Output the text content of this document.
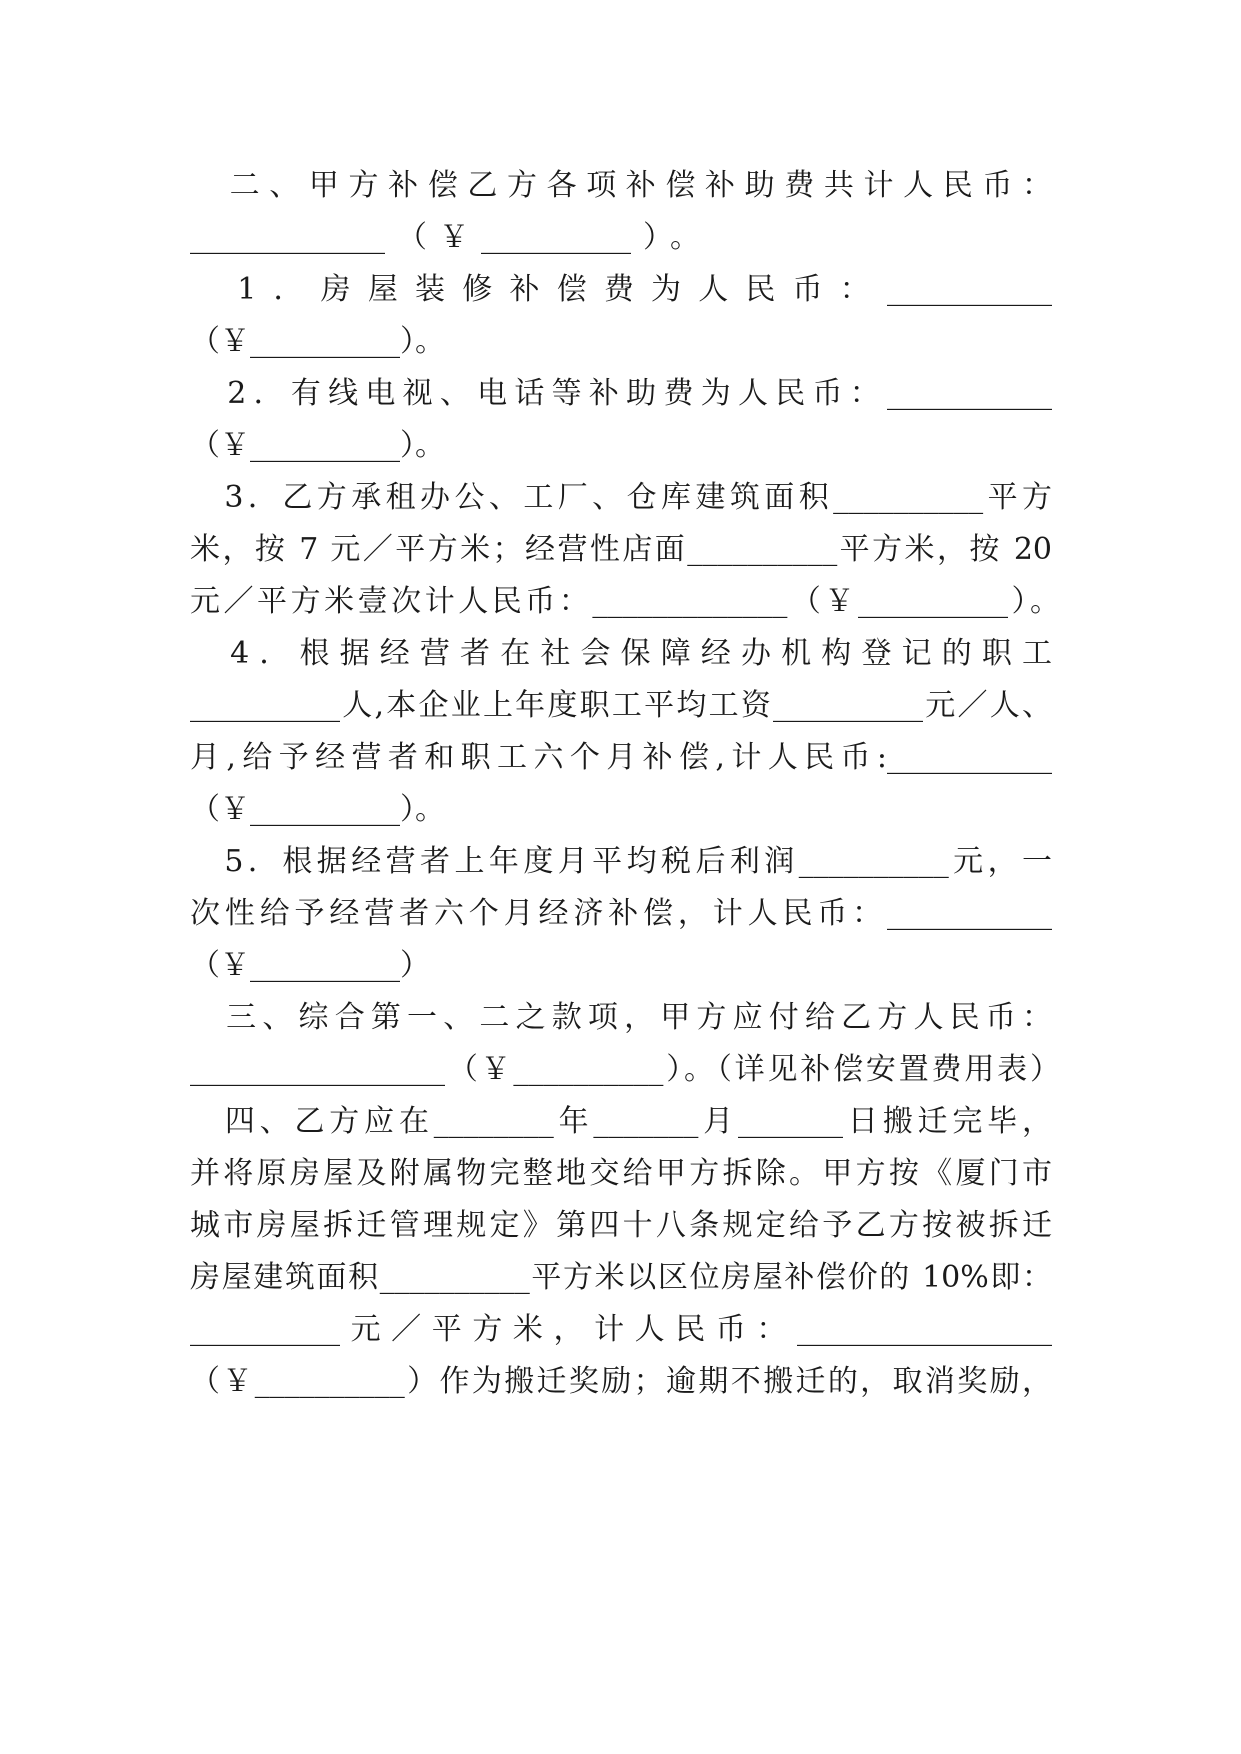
　二、甲方补偿乙方各项补偿补助费共计人民币：
_____________（￥__________）。
　1．房屋装修补偿费为人民币：___________
（￥__________）。
　2．有线电视、电话等补助费为人民币：___________
（￥__________）。
　3．乙方承租办公、工厂、仓库建筑面积__________平方
米，按 7 元／平方米；经营性店面__________平方米，按 20
元／平方米壹次计人民币：_____________（￥__________）。
　4．根据经营者在社会保障经办机构登记的职工
__________人,本企业上年度职工平均工资__________元／人、
月,给予经营者和职工六个月补偿,计人民币:___________
（￥__________）。
　5．根据经营者上年度月平均税后利润__________元，一
次性给予经营者六个月经济补偿，计人民币：___________
（￥__________）
　三、综合第一、二之款项，甲方应付给乙方人民币：
_________________（￥__________）。（详见补偿安置费用表）
　四、乙方应在________年_______月_______日搬迁完毕，
并将原房屋及附属物完整地交给甲方拆除。甲方按《厦门市
城市房屋拆迁管理规定》第四十八条规定给予乙方按被拆迁
房屋建筑面积__________平方米以区位房屋补偿价的 10%即：
__________元／平方米，计人民币：_________________
（￥__________）作为搬迁奖励；逾期不搬迁的，取消奖励，
